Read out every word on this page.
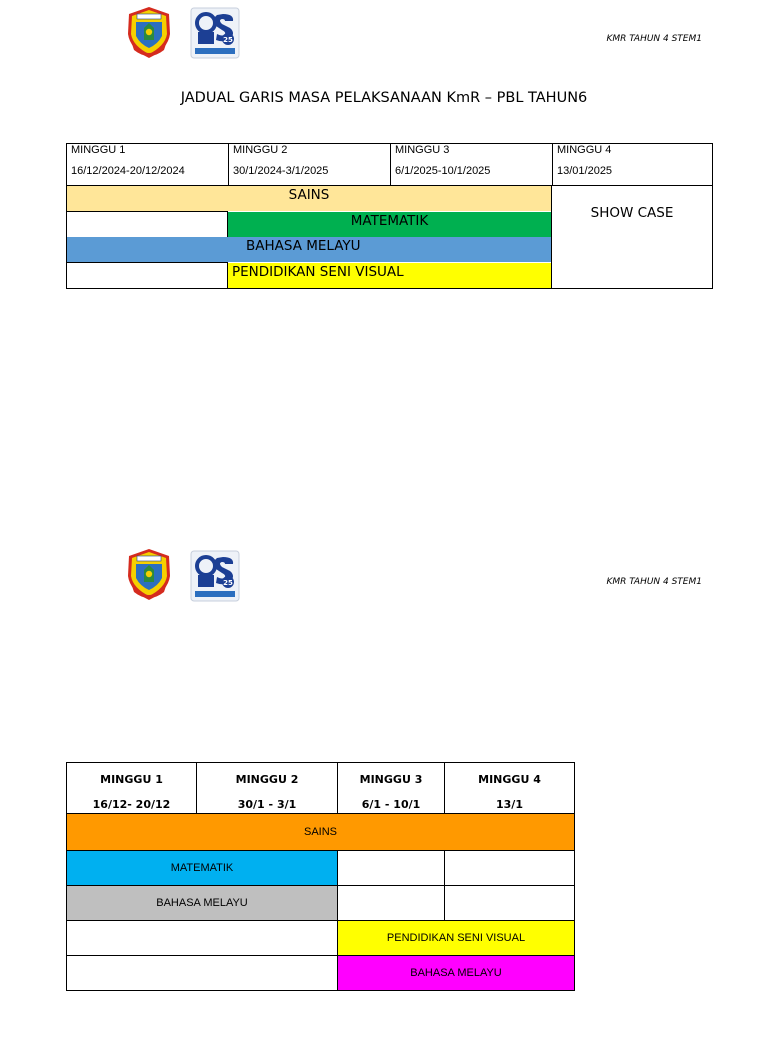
25	KMR TAHUN 4 STEM1
JADUAL GARIS MASA PELAKSANAAN KmR – PBL TAHUN6
MINGGU 1
16/12/2024-20/12/2024
MINGGU 2
30/1/2024-3/1/2025
MINGGU 3
6/1/2025-10/1/2025
MINGGU 4
13/01/2025
SAINS
MATEMATIK
BAHASA MELAYU
PENDIDIKAN SENI VISUAL
SHOW CASE
25	KMR TAHUN 4 STEM1
MINGGU 1
16/12- 20/12
MINGGU 2
30/1 - 3/1
MINGGU 3
6/1 - 10/1
MINGGU 4
13/1
SAINS
MATEMATIK
BAHASA MELAYU
PENDIDIKAN SENI VISUAL
BAHASA MELAYU
